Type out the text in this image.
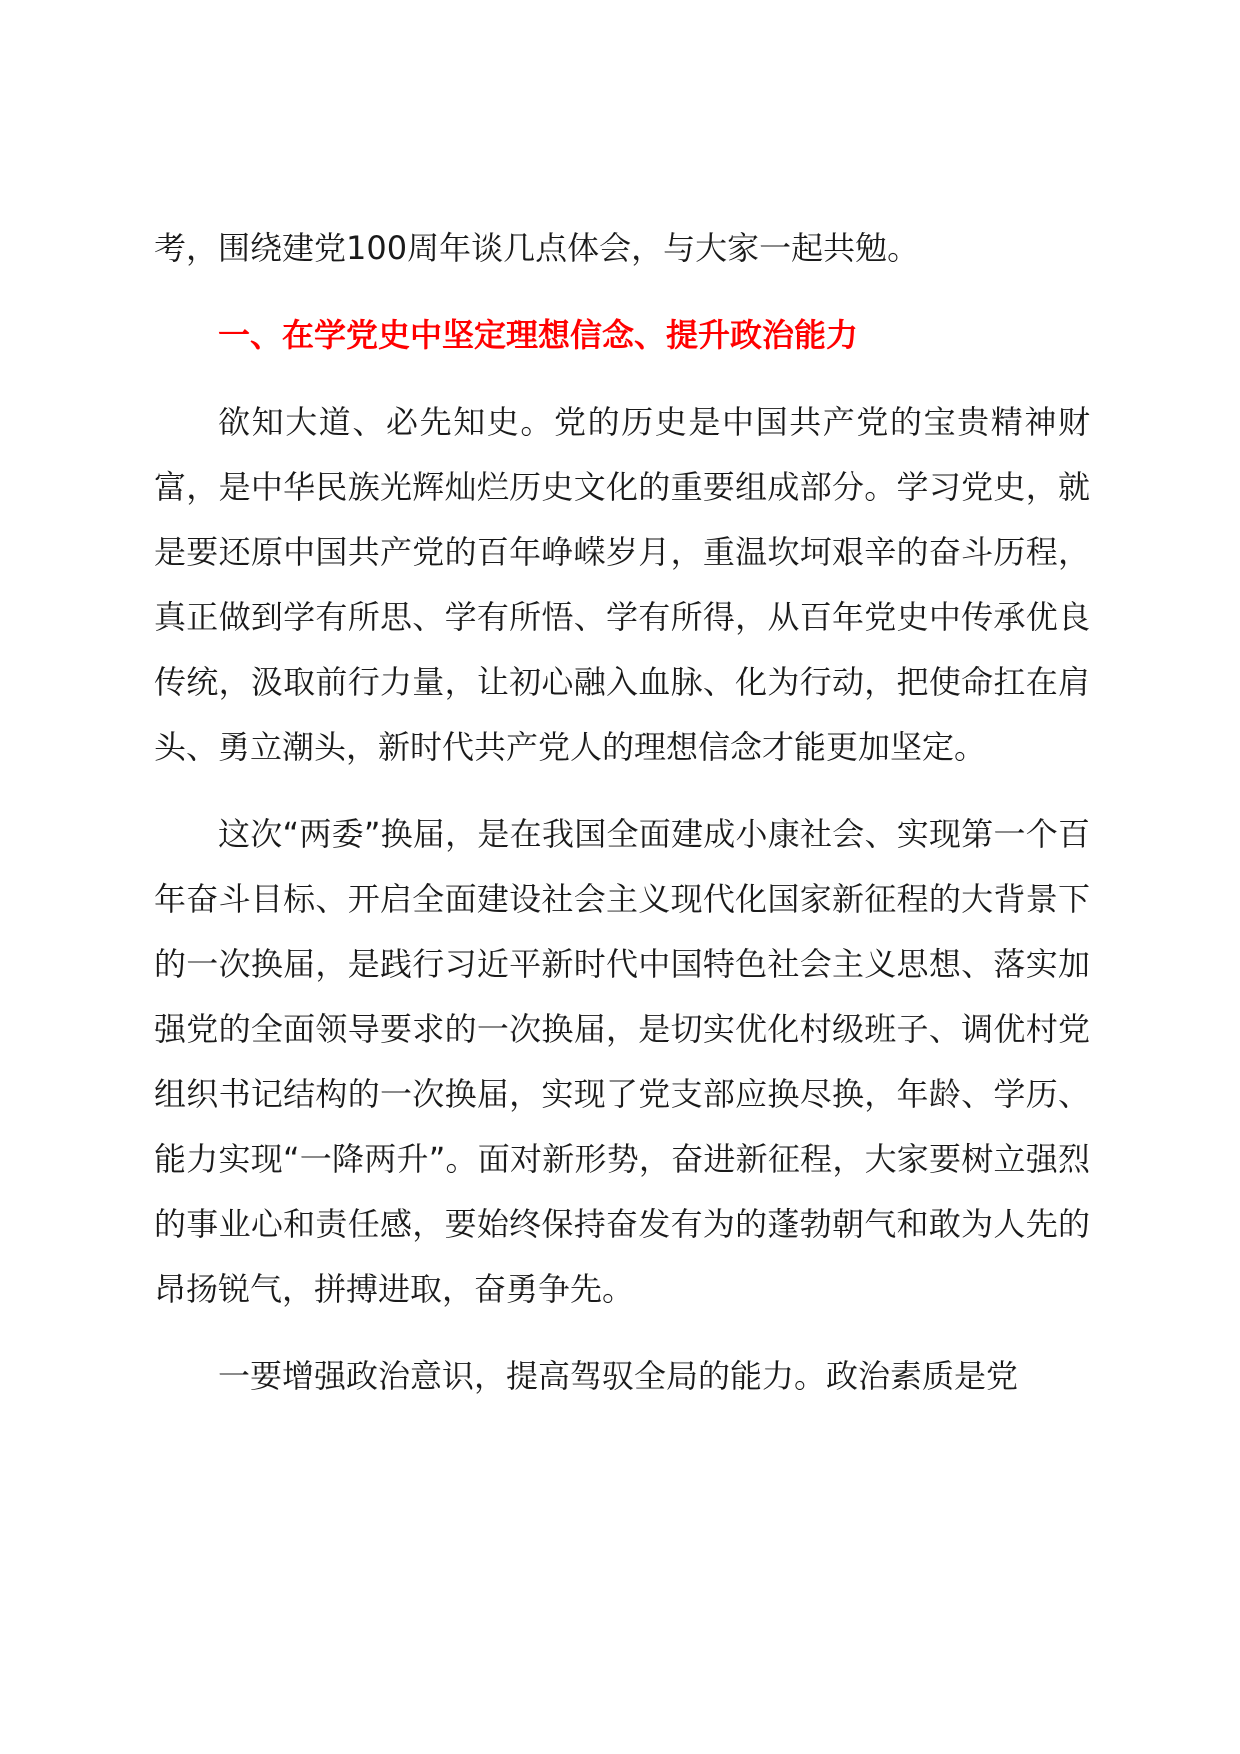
考，围绕建党100周年谈几点体会，与大家一起共勉。

一、在学党史中坚定理想信念、提升政治能力

欲知大道、必先知史。党的历史是中国共产党的宝贵精神财富，是中华民族光辉灿烂历史文化的重要组成部分。学习党史，就是要还原中国共产党的百年峥嵘岁月，重温坎坷艰辛的奋斗历程，真正做到学有所思、学有所悟、学有所得，从百年党史中传承优良传统，汲取前行力量，让初心融入血脉、化为行动，把使命扛在肩头、勇立潮头，新时代共产党人的理想信念才能更加坚定。

这次“两委”换届，是在我国全面建成小康社会、实现第一个百年奋斗目标、开启全面建设社会主义现代化国家新征程的大背景下的一次换届，是践行习近平新时代中国特色社会主义思想、落实加强党的全面领导要求的一次换届，是切实优化村级班子、调优村党组织书记结构的一次换届，实现了党支部应换尽换，年龄、学历、能力实现“一降两升”。面对新形势，奋进新征程，大家要树立强烈的事业心和责任感，要始终保持奋发有为的蓬勃朝气和敢为人先的昂扬锐气，拼搏进取，奋勇争先。

一要增强政治意识，提高驾驭全局的能力。政治素质是党
